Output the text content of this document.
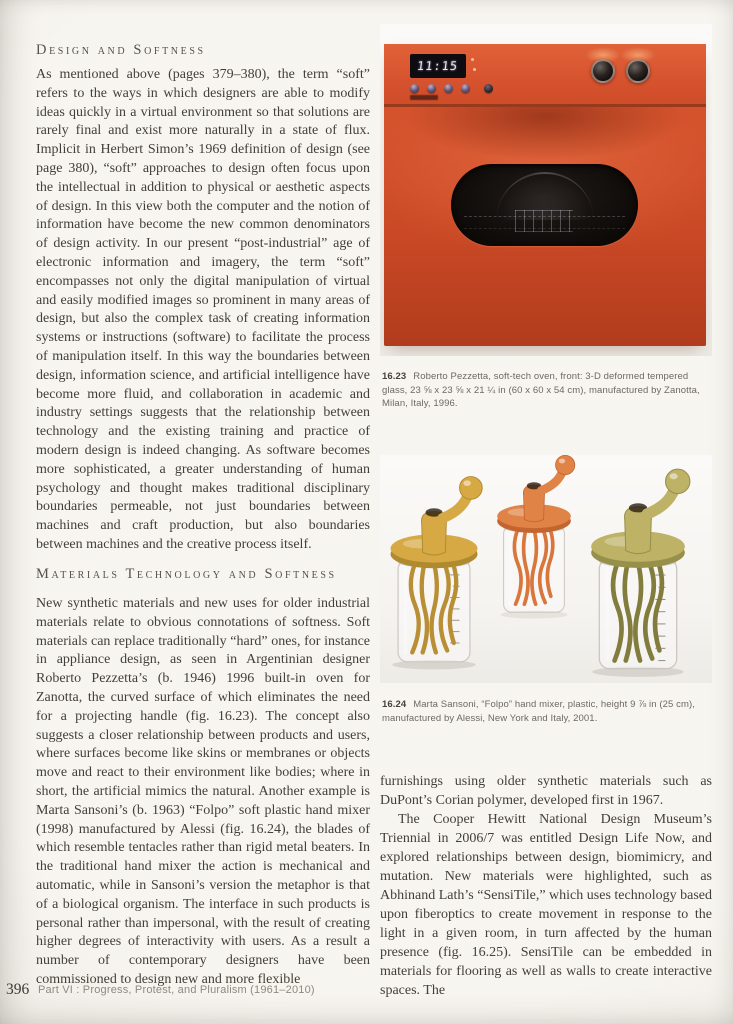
Design and Softness

As mentioned above (pages 379–380), the term “soft” refers to the ways in which designers are able to modify ideas quickly in a virtual environment so that solutions are rarely final and exist more naturally in a state of flux. Implicit in Herbert Simon’s 1969 definition of design (see page 380), “soft” approaches to design often focus upon the intellectual in addition to physical or aesthetic aspects of design. In this view both the computer and the notion of information have become the new common denominators of design activity. In our present “post-industrial” age of electronic information and imagery, the term “soft” encompasses not only the digital manipulation of virtual and easily modified images so prominent in many areas of design, but also the complex task of creating information systems or instructions (software) to facilitate the process of manipulation itself. In this way the boundaries between design, information science, and artificial intelligence have become more fluid, and collaboration in academic and industry settings suggests that the relationship between technology and the existing training and practice of modern design is indeed changing. As software becomes more sophisticated, a greater understanding of human psychology and thought makes traditional disciplinary boundaries permeable, not just boundaries between machines and craft production, but also boundaries between machines and the creative process itself.

Materials Technology and Softness

New synthetic materials and new uses for older industrial materials relate to obvious connotations of softness. Soft materials can replace traditionally “hard” ones, for instance in appliance design, as seen in Argentinian designer Roberto Pezzetta’s (b. 1946) 1996 built-in oven for Zanotta, the curved surface of which eliminates the need for a projecting handle (fig. 16.23). The concept also suggests a closer relationship between products and users, where surfaces become like skins or membranes or objects move and react to their environment like bodies; where in short, the artificial mimics the natural. Another example is Marta Sansoni’s (b. 1963) “Folpo” soft plastic hand mixer (1998) manufactured by Alessi (fig. 16.24), the blades of which resemble tentacles rather than rigid metal beaters. In the traditional hand mixer the action is mechanical and automatic, while in Sansoni’s version the metaphor is that of a biological organism. The interface in such products is personal rather than impersonal, with the result of creating higher degrees of interactivity with users. As a result a number of contemporary designers have been commissioned to design new and more flexible

11:15

16.23 Roberto Pezzetta, soft-tech oven, front: 3-D deformed tempered glass, 23 ⅝ x 23 ⅝ x 21 ¼ in (60 x 60 x 54 cm), manufactured by Zanotta, Milan, Italy, 1996.

16.24 Marta Sansoni, “Folpo” hand mixer, plastic, height 9 ⅞ in (25 cm), manufactured by Alessi, New York and Italy, 2001.

furnishings using older synthetic materials such as DuPont’s Corian polymer, developed first in 1967.

The Cooper Hewitt National Design Museum’s Triennial in 2006/7 was entitled Design Life Now, and explored relationships between design, biomimicry, and mutation. New materials were highlighted, such as Abhinand Lath’s “SensiTile,” which uses technology based upon fiberoptics to create movement in response to the light in a given room, in turn affected by the human presence (fig. 16.25). SensiTile can be embedded in materials for flooring as well as walls to create interactive spaces. The

396 Part VI : Progress, Protest, and Pluralism (1961–2010)
